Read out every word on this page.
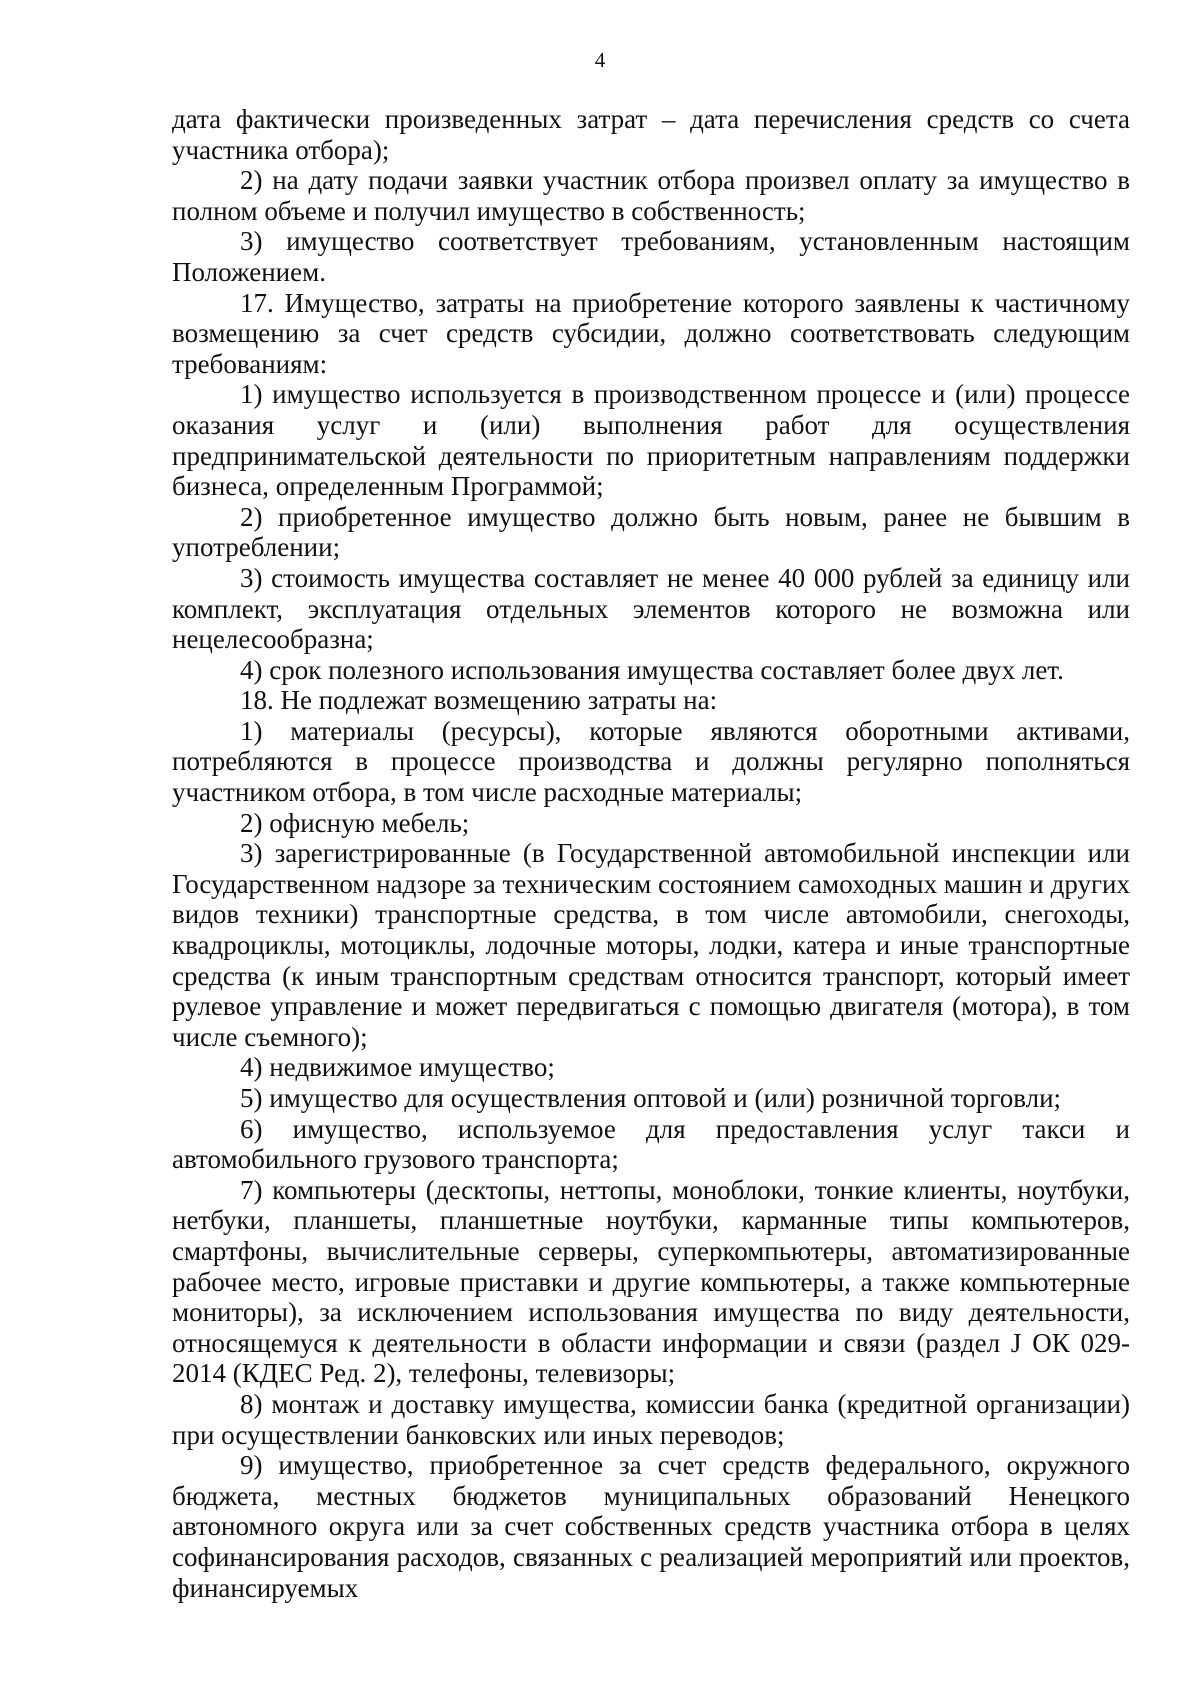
4

дата фактически произведенных затрат – дата перечисления средств со счета участника отбора);

2) на дату подачи заявки участник отбора произвел оплату за имущество в полном объеме и получил имущество в собственность;

3) имущество соответствует требованиям, установленным настоящим Положением.

17. Имущество, затраты на приобретение которого заявлены к частичному возмещению за счет средств субсидии, должно соответствовать следующим требованиям:

1) имущество используется в производственном процессе и (или) процессе оказания услуг и (или) выполнения работ для осуществления предпринимательской деятельности по приоритетным направлениям поддержки бизнеса, определенным Программой;

2) приобретенное имущество должно быть новым, ранее не бывшим в употреблении;

3) стоимость имущества составляет не менее 40 000 рублей за единицу или комплект, эксплуатация отдельных элементов которого не возможна или нецелесообразна;

4) срок полезного использования имущества составляет более двух лет.

18. Не подлежат возмещению затраты на:

1) материалы (ресурсы), которые являются оборотными активами, потребляются в процессе производства и должны регулярно пополняться участником отбора, в том числе расходные материалы;

2) офисную мебель;

3) зарегистрированные (в Государственной автомобильной инспекции или Государственном надзоре за техническим состоянием самоходных машин и других видов техники) транспортные средства, в том числе автомобили, снегоходы, квадроциклы, мотоциклы, лодочные моторы, лодки, катера и иные транспортные средства (к иным транспортным средствам относится транспорт, который имеет рулевое управление и может передвигаться с помощью двигателя (мотора), в том числе съемного);

4) недвижимое имущество;

5) имущество для осуществления оптовой и (или) розничной торговли;

6) имущество, используемое для предоставления услуг такси и автомобильного грузового транспорта;

7) компьютеры (десктопы, неттопы, моноблоки, тонкие клиенты, ноутбуки, нетбуки, планшеты, планшетные ноутбуки, карманные типы компьютеров, смартфоны, вычислительные серверы, суперкомпьютеры, автоматизированные рабочее место, игровые приставки и другие компьютеры, а также компьютерные мониторы), за исключением использования имущества по виду деятельности, относящемуся к деятельности в области информации и связи (раздел J ОК 029-2014 (КДЕС Ред. 2), телефоны, телевизоры;

8) монтаж и доставку имущества, комиссии банка (кредитной организации) при осуществлении банковских или иных переводов;

9) имущество, приобретенное за счет средств федерального, окружного бюджета, местных бюджетов муниципальных образований Ненецкого автономного округа или за счет собственных средств участника отбора в целях софинансирования расходов, связанных с реализацией мероприятий или проектов, финансируемых
